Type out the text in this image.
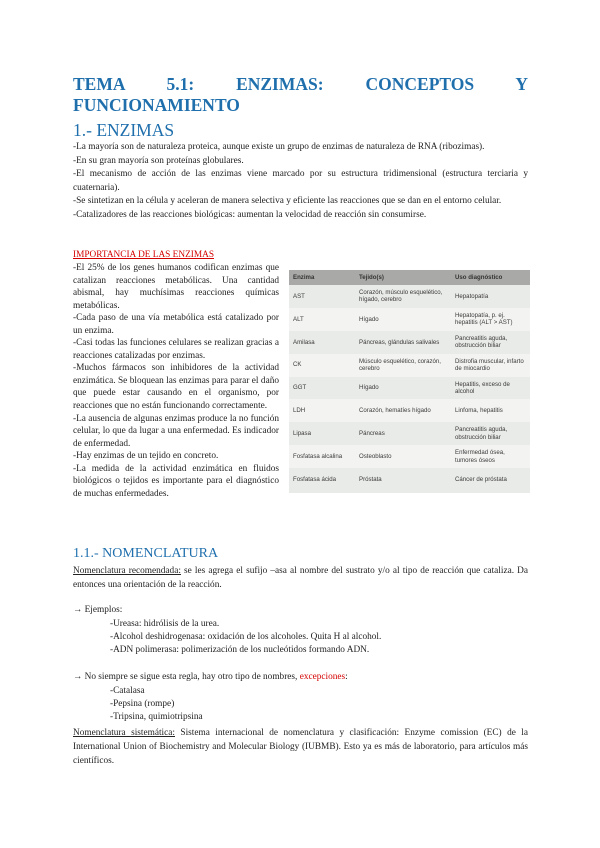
TEMA 5.1: ENZIMAS: CONCEPTOS Y FUNCIONAMIENTO
1.- ENZIMAS

-La mayoría son de naturaleza proteica, aunque existe un grupo de enzimas de naturaleza de RNA (ribozimas).

-En su gran mayoría son proteínas globulares.

-El mecanismo de acción de las enzimas viene marcado por su estructura tridimensional (estructura terciaria y cuaternaria).

-Se sintetizan en la célula y aceleran de manera selectiva y eficiente las reacciones que se dan en el entorno celular.

-Catalizadores de las reacciones biológicas: aumentan la velocidad de reacción sin consumirse.

IMPORTANCIA DE LAS ENZIMAS

-El 25% de los genes humanos codifican enzimas que catalizan reacciones metabólicas. Una cantidad abismal, hay muchísimas reacciones químicas metabólicas.

-Cada paso de una vía metabólica está catalizado por un enzima.

-Casi todas las funciones celulares se realizan gracias a reacciones catalizadas por enzimas.

-Muchos fármacos son inhibidores de la actividad enzimática. Se bloquean las enzimas para parar el daño que puede estar causando en el organismo, por reacciones que no están funcionando correctamente.

-La ausencia de algunas enzimas produce la no función celular, lo que da lugar a una enfermedad. Es indicador de enfermedad.

-Hay enzimas de un tejido en concreto.

-La medida de la actividad enzimática en fluidos biológicos o tejidos es importante para el diagnóstico de muchas enfermedades.

Enzima	Tejido(s)	Uso diagnóstico
AST	Corazón, músculo esquelético, hígado, cerebro	Hepatopatía
ALT	Hígado	Hepatopatía, p. ej. hepatitis (ALT > AST)
Amilasa	Páncreas, glándulas salivales	Pancreatitis aguda, obstrucción biliar
CK	Músculo esquelético, corazón, cerebro	Distrofia muscular, infarto de miocardio
GGT	Hígado	Hepatitis, exceso de alcohol
LDH	Corazón, hematíes hígado	Linfoma, hepatitis
Lipasa	Páncreas	Pancreatitis aguda, obstrucción biliar
Fosfatasa alcalina	Osteoblasto	Enfermedad ósea, tumores óseos
Fosfatasa ácida	Próstata	Cáncer de próstata
1.1.- NOMENCLATURA

Nomenclatura recomendada: se les agrega el sufijo –asa al nombre del sustrato y/o al tipo de reacción que cataliza. Da entonces una orientación de la reacción.

→ Ejemplos:
-Ureasa: hidrólisis de la urea.
-Alcohol deshidrogenasa: oxidación de los alcoholes. Quita H al alcohol.
-ADN polimerasa: polimerización de los nucleótidos formando ADN.
→ No siempre se sigue esta regla, hay otro tipo de nombres, excepciones:
-Catalasa
-Pepsina (rompe)
-Tripsina, quimiotripsina

Nomenclatura sistemática: Sistema internacional de nomenclatura y clasificación: Enzyme comission (EC) de la International Union of Biochemistry and Molecular Biology (IUBMB). Esto ya es más de laboratorio, para artículos más científicos.
